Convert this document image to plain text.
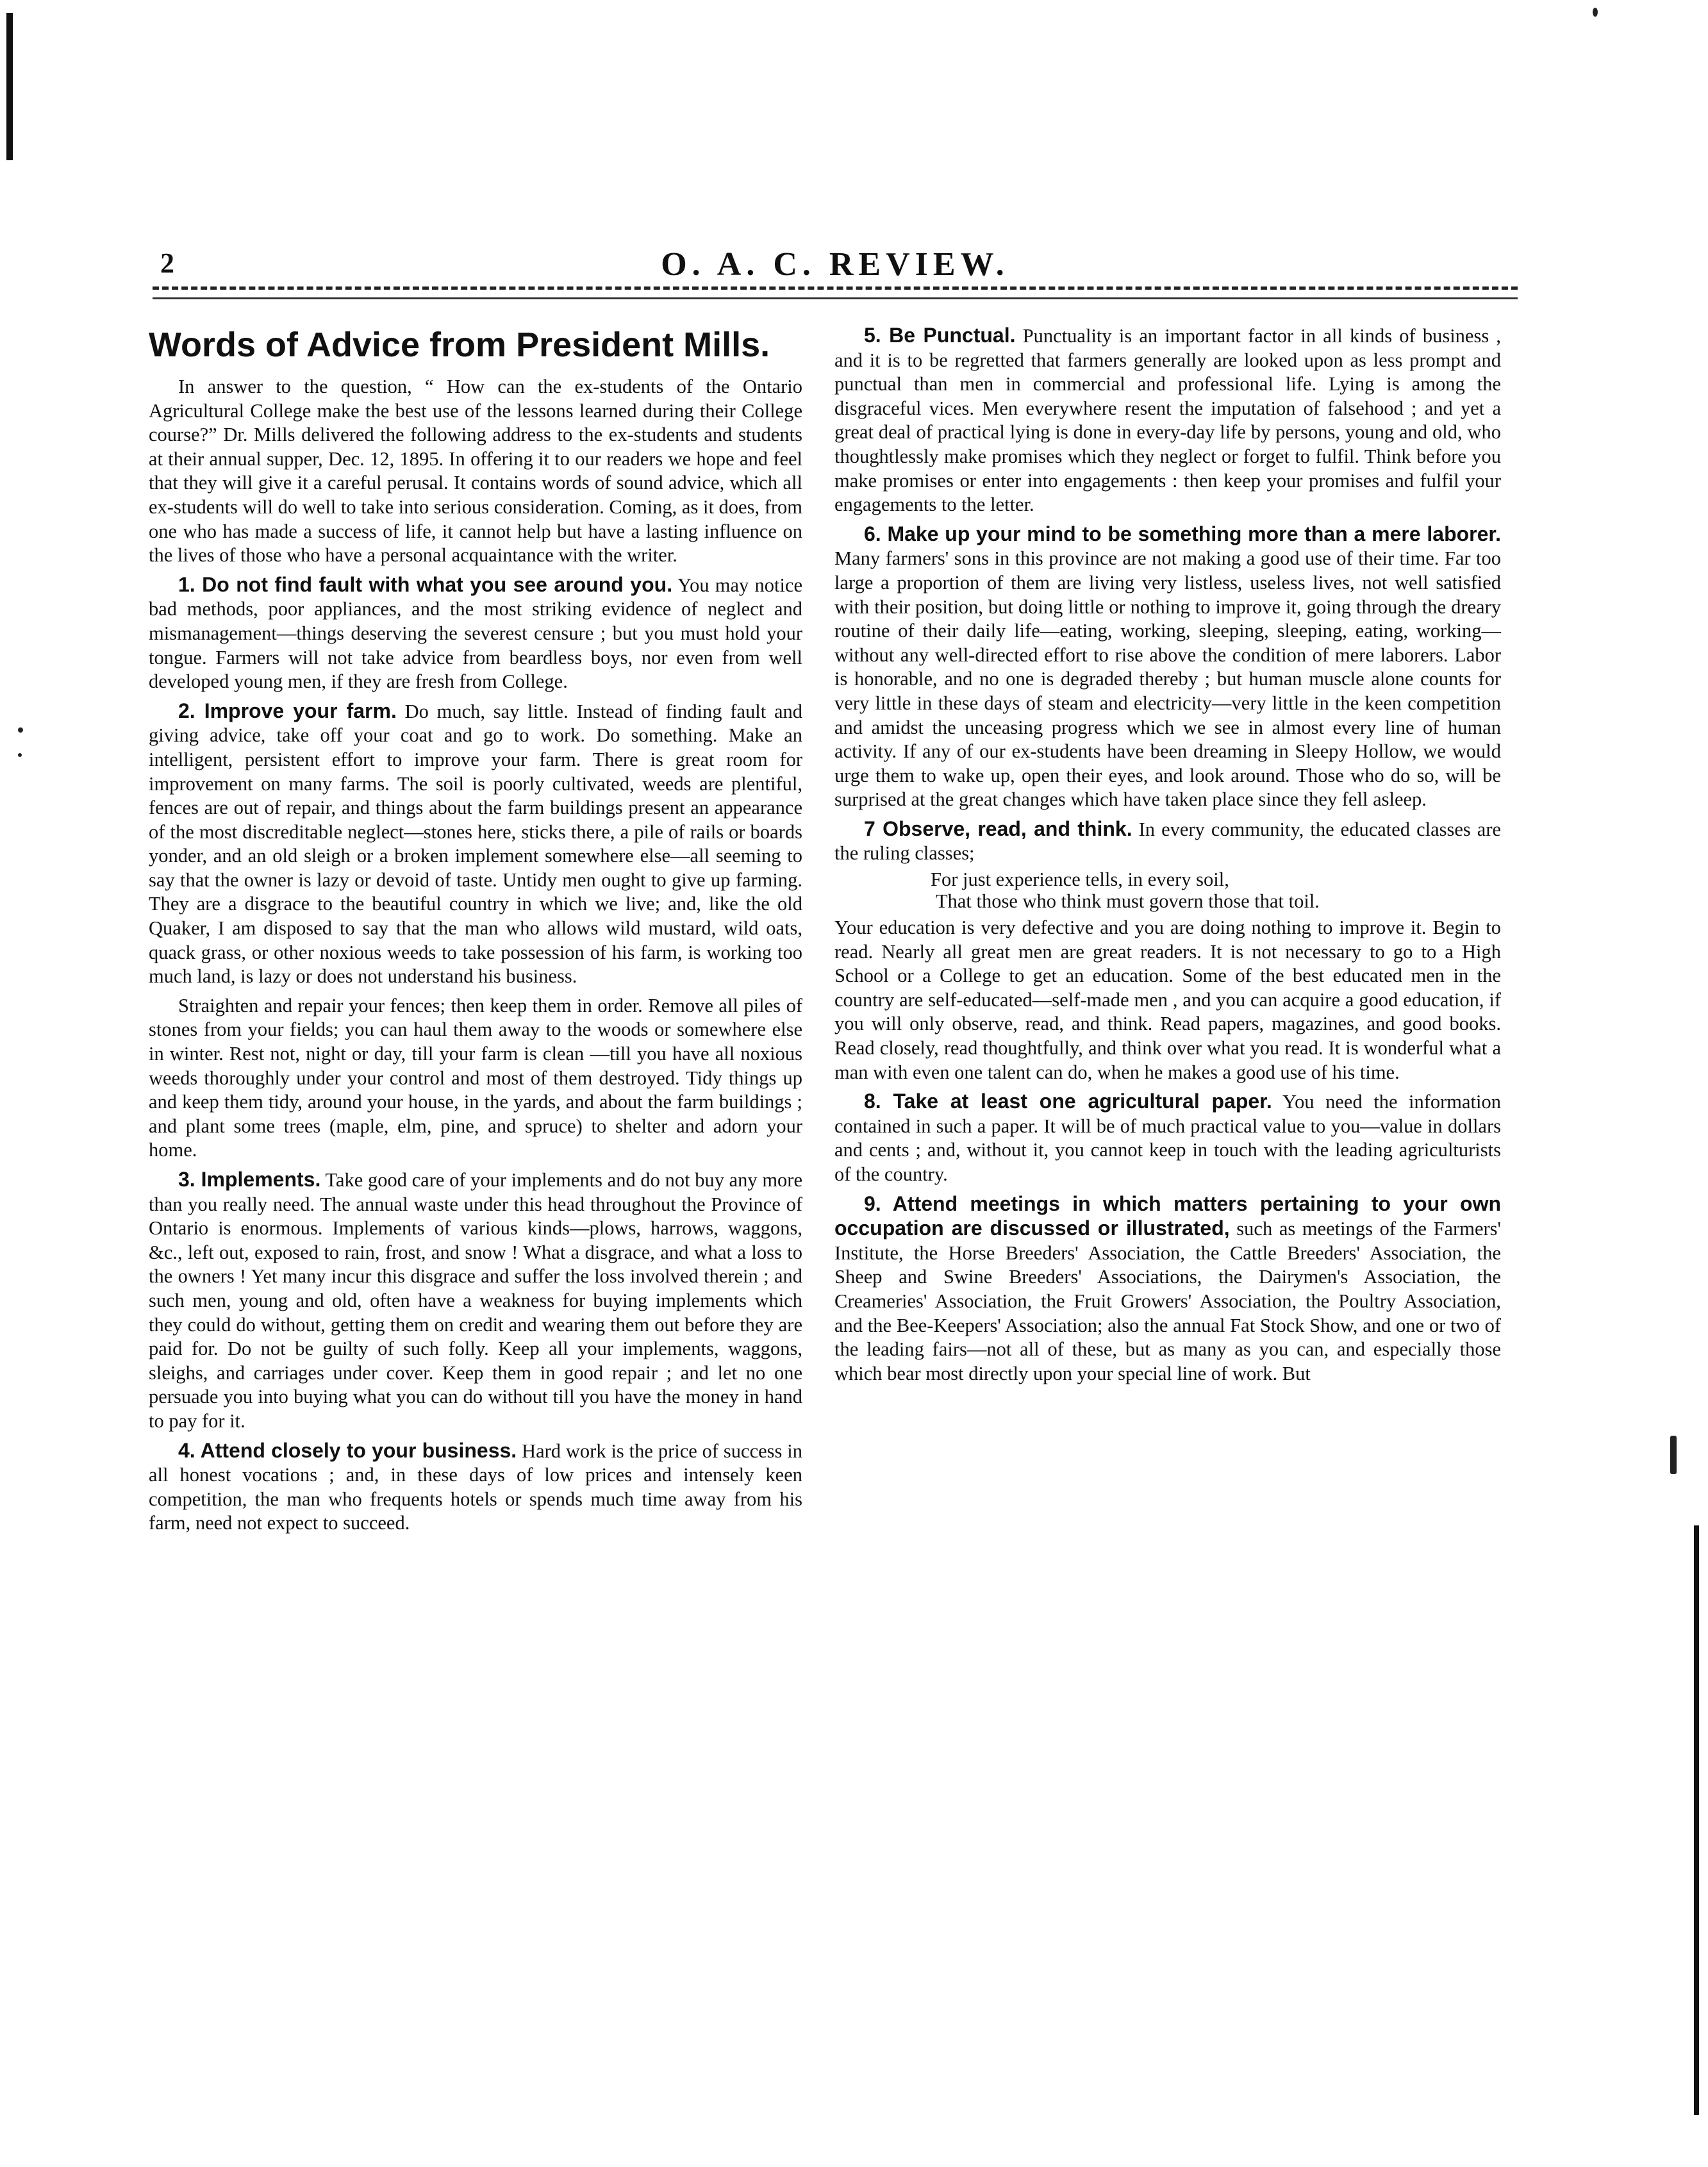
2	O. A. C. REVIEW.
Words of Advice from President Mills.

In answer to the question, “ How can the ex-students of the Ontario Agricultural College make the best use of the lessons learned during their College course?” Dr. Mills delivered the following address to the ex-students and students at their annual supper, Dec. 12, 1895. In offering it to our readers we hope and feel that they will give it a careful perusal. It contains words of sound advice, which all ex-students will do well to take into serious consideration. Coming, as it does, from one who has made a success of life, it cannot help but have a lasting influence on the lives of those who have a personal acquaintance with the writer.

1. Do not find fault with what you see around you. You may notice bad methods, poor appliances, and the most striking evidence of neglect and mismanagement—things deserving the severest censure ; but you must hold your tongue. Farmers will not take advice from beardless boys, nor even from well developed young men, if they are fresh from College.

2. Improve your farm. Do much, say little. Instead of finding fault and giving advice, take off your coat and go to work. Do something. Make an intelligent, persistent effort to improve your farm. There is great room for improvement on many farms. The soil is poorly cultivated, weeds are plentiful, fences are out of repair, and things about the farm buildings present an appearance of the most discreditable neglect—stones here, sticks there, a pile of rails or boards yonder, and an old sleigh or a broken implement somewhere else—all seeming to say that the owner is lazy or devoid of taste. Untidy men ought to give up farming. They are a disgrace to the beautiful country in which we live; and, like the old Quaker, I am disposed to say that the man who allows wild mustard, wild oats, quack grass, or other noxious weeds to take possession of his farm, is working too much land, is lazy or does not understand his business.

Straighten and repair your fences; then keep them in order. Remove all piles of stones from your fields; you can haul them away to the woods or somewhere else in winter. Rest not, night or day, till your farm is clean —till you have all noxious weeds thoroughly under your control and most of them destroyed. Tidy things up and keep them tidy, around your house, in the yards, and about the farm buildings ; and plant some trees (maple, elm, pine, and spruce) to shelter and adorn your home.

3. Implements. Take good care of your implements and do not buy any more than you really need. The annual waste under this head throughout the Province of Ontario is enormous. Implements of various kinds—plows, harrows, waggons, &c., left out, exposed to rain, frost, and snow ! What a disgrace, and what a loss to the owners ! Yet many incur this disgrace and suffer the loss involved therein ; and such men, young and old, often have a weakness for buying implements which they could do without, getting them on credit and wearing them out before they are paid for. Do not be guilty of such folly. Keep all your implements, waggons, sleighs, and carriages under cover. Keep them in good repair ; and let no one persuade you into buying what you can do without till you have the money in hand to pay for it.

4. Attend closely to your business. Hard work is the price of success in all honest vocations ; and, in these days of low prices and intensely keen competition, the man who frequents hotels or spends much time away from his farm, need not expect to succeed.

5. Be Punctual. Punctuality is an important factor in all kinds of business , and it is to be regretted that farmers generally are looked upon as less prompt and punctual than men in commercial and professional life. Lying is among the disgraceful vices. Men everywhere resent the imputation of falsehood ; and yet a great deal of practical lying is done in every-day life by persons, young and old, who thoughtlessly make promises which they neglect or forget to fulfil. Think before you make promises or enter into engagements : then keep your promises and fulfil your engagements to the letter.

6. Make up your mind to be something more than a mere laborer. Many farmers' sons in this province are not making a good use of their time. Far too large a proportion of them are living very listless, useless lives, not well satisfied with their position, but doing little or nothing to improve it, going through the dreary routine of their daily life—eating, working, sleeping, sleeping, eating, working—without any well-directed effort to rise above the condition of mere laborers. Labor is honorable, and no one is degraded thereby ; but human muscle alone counts for very little in these days of steam and electricity—very little in the keen competition and amidst the unceasing progress which we see in almost every line of human activity. If any of our ex-students have been dreaming in Sleepy Hollow, we would urge them to wake up, open their eyes, and look around. Those who do so, will be surprised at the great changes which have taken place since they fell asleep.

7 Observe, read, and think. In every community, the educated classes are the ruling classes;

For just experience tells, in every soil,
That those who think must govern those that toil.

Your education is very defective and you are doing nothing to improve it. Begin to read. Nearly all great men are great readers. It is not necessary to go to a High School or a College to get an education. Some of the best educated men in the country are self-educated—self-made men , and you can acquire a good education, if you will only observe, read, and think. Read papers, magazines, and good books. Read closely, read thoughtfully, and think over what you read. It is wonderful what a man with even one talent can do, when he makes a good use of his time.

8. Take at least one agricultural paper. You need the information contained in such a paper. It will be of much practical value to you—value in dollars and cents ; and, without it, you cannot keep in touch with the leading agriculturists of the country.

9. Attend meetings in which matters pertaining to your own occupation are discussed or illustrated, such as meetings of the Farmers' Institute, the Horse Breeders' Association, the Cattle Breeders' Association, the Sheep and Swine Breeders' Associations, the Dairymen's Association, the Creameries' Association, the Fruit Growers' Association, the Poultry Association, and the Bee-Keepers' Association; also the annual Fat Stock Show, and one or two of the leading fairs—not all of these, but as many as you can, and especially those which bear most directly upon your special line of work. But
